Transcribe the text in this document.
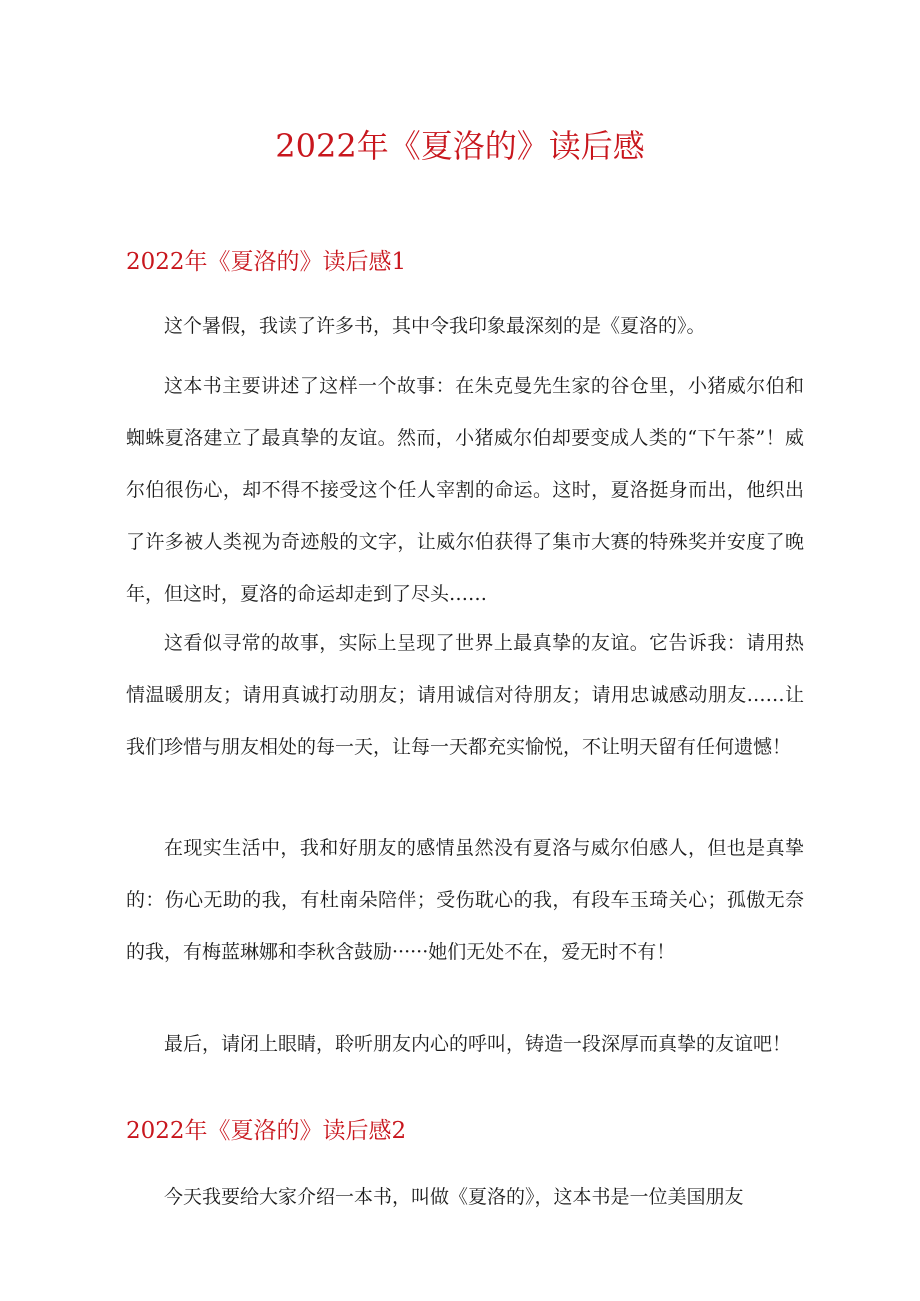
2022年《夏洛的》读后感
2022年《夏洛的》读后感1

这个暑假，我读了许多书，其中令我印象最深刻的是《夏洛的》。

这本书主要讲述了这样一个故事：在朱克曼先生家的谷仓里，小猪威尔伯和蜘蛛夏洛建立了最真挚的友谊。然而，小猪威尔伯却要变成人类的“下午茶”！威尔伯很伤心，却不得不接受这个任人宰割的命运。这时，夏洛挺身而出，他织出了许多被人类视为奇迹般的文字，让威尔伯获得了集市大赛的特殊奖并安度了晚年，但这时，夏洛的命运却走到了尽头……

这看似寻常的故事，实际上呈现了世界上最真挚的友谊。它告诉我：请用热情温暖朋友；请用真诚打动朋友；请用诚信对待朋友；请用忠诚感动朋友……让我们珍惜与朋友相处的每一天，让每一天都充实愉悦，不让明天留有任何遗憾！

在现实生活中，我和好朋友的感情虽然没有夏洛与威尔伯感人，但也是真挚的：伤心无助的我，有杜南朵陪伴；受伤耽心的我，有段车玉琦关心；孤傲无奈的我，有梅蓝琳娜和李秋含鼓励······她们无处不在，爱无时不有！

最后，请闭上眼睛，聆听朋友内心的呼叫，铸造一段深厚而真挚的友谊吧！

2022年《夏洛的》读后感2

今天我要给大家介绍一本书，叫做《夏洛的》，这本书是一位美国朋友
